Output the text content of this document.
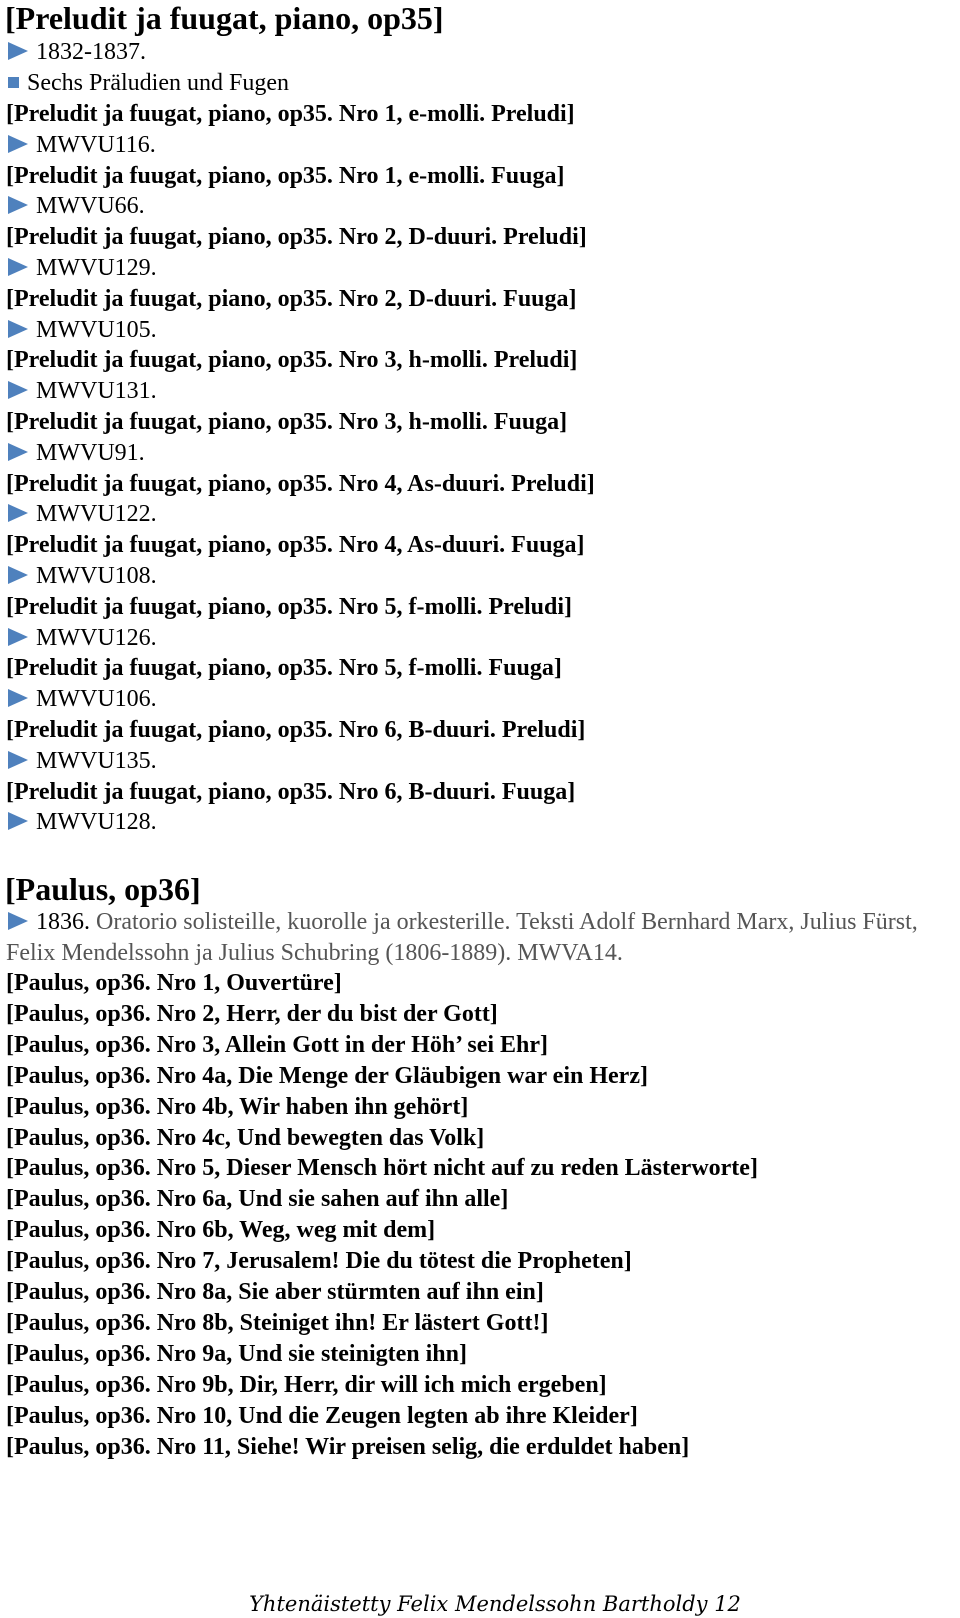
[Preludit ja fuugat, piano, op35]
1832-1837.
Sechs Präludien und Fugen
[Preludit ja fuugat, piano, op35. Nro 1, e-molli. Preludi]
MWVU116.
[Preludit ja fuugat, piano, op35. Nro 1, e-molli. Fuuga]
MWVU66.
[Preludit ja fuugat, piano, op35. Nro 2, D-duuri. Preludi]
MWVU129.
[Preludit ja fuugat, piano, op35. Nro 2, D-duuri. Fuuga]
MWVU105.
[Preludit ja fuugat, piano, op35. Nro 3, h-molli. Preludi]
MWVU131.
[Preludit ja fuugat, piano, op35. Nro 3, h-molli. Fuuga]
MWVU91.
[Preludit ja fuugat, piano, op35. Nro 4, As-duuri. Preludi]
MWVU122.
[Preludit ja fuugat, piano, op35. Nro 4, As-duuri. Fuuga]
MWVU108.
[Preludit ja fuugat, piano, op35. Nro 5, f-molli. Preludi]
MWVU126.
[Preludit ja fuugat, piano, op35. Nro 5, f-molli. Fuuga]
MWVU106.
[Preludit ja fuugat, piano, op35. Nro 6, B-duuri. Preludi]
MWVU135.
[Preludit ja fuugat, piano, op35. Nro 6, B-duuri. Fuuga]
MWVU128.
[Paulus, op36]
1836. Oratorio solisteille, kuorolle ja orkesterille. Teksti Adolf Bernhard Marx, Julius Fürst, Felix Mendelssohn ja Julius Schubring (1806-1889). MWVA14.
[Paulus, op36. Nro 1, Ouvertüre]
[Paulus, op36. Nro 2, Herr, der du bist der Gott]
[Paulus, op36. Nro 3, Allein Gott in der Höh’ sei Ehr]
[Paulus, op36. Nro 4a, Die Menge der Gläubigen war ein Herz]
[Paulus, op36. Nro 4b, Wir haben ihn gehört]
[Paulus, op36. Nro 4c, Und bewegten das Volk]
[Paulus, op36. Nro 5, Dieser Mensch hört nicht auf zu reden Lästerworte]
[Paulus, op36. Nro 6a, Und sie sahen auf ihn alle]
[Paulus, op36. Nro 6b, Weg, weg mit dem]
[Paulus, op36. Nro 7, Jerusalem! Die du tötest die Propheten]
[Paulus, op36. Nro 8a, Sie aber stürmten auf ihn ein]
[Paulus, op36. Nro 8b, Steiniget ihn! Er lästert Gott!]
[Paulus, op36. Nro 9a, Und sie steinigten ihn]
[Paulus, op36. Nro 9b, Dir, Herr, dir will ich mich ergeben]
[Paulus, op36. Nro 10, Und die Zeugen legten ab ihre Kleider]
[Paulus, op36. Nro 11, Siehe! Wir preisen selig, die erduldet haben]
Yhtenäistetty Felix Mendelssohn Bartholdy 12
